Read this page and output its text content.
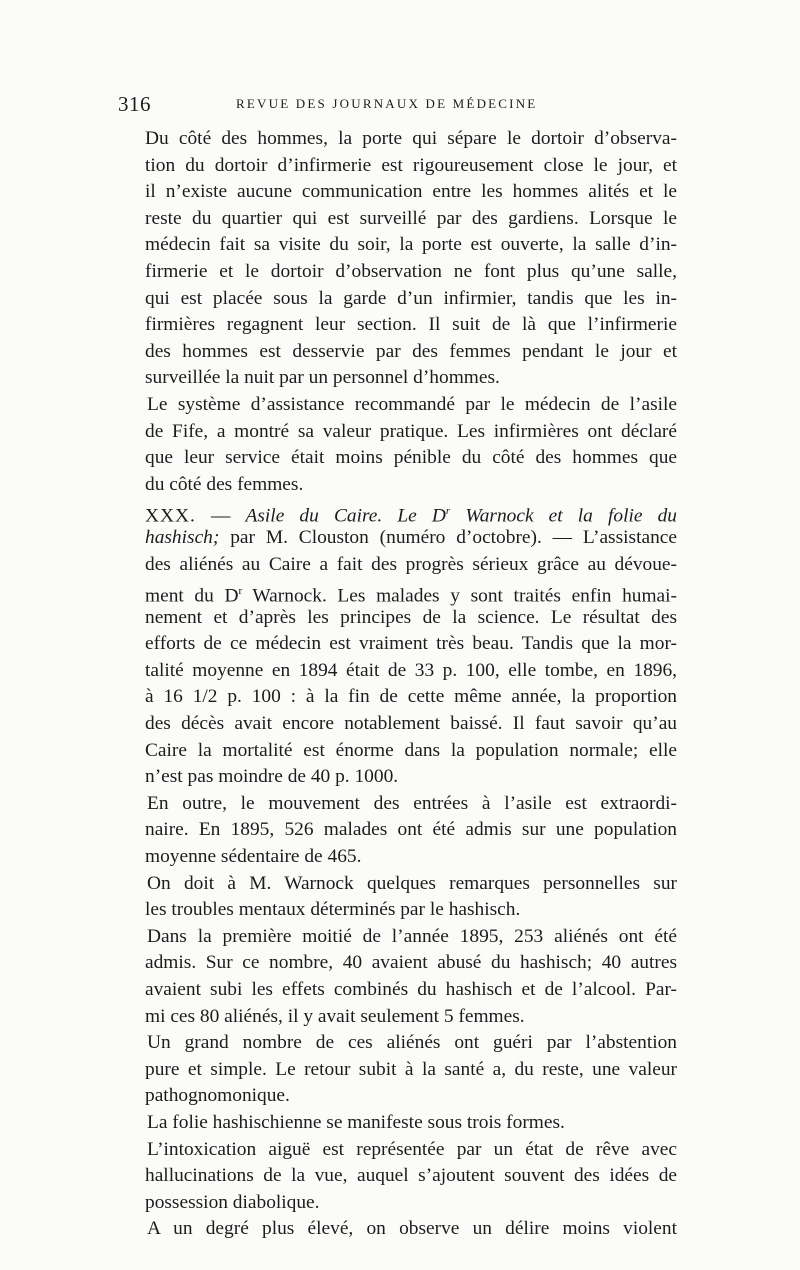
316	REVUE DES JOURNAUX DE MÉDECINE
Du côté des hommes, la porte qui sépare le dortoir d’observa-
tion du dortoir d’infirmerie est rigoureusement close le jour, et
il n’existe aucune communication entre les hommes alités et le
reste du quartier qui est surveillé par des gardiens. Lorsque le
médecin fait sa visite du soir, la porte est ouverte, la salle d’in-
firmerie et le dortoir d’observation ne font plus qu’une salle,
qui est placée sous la garde d’un infirmier, tandis que les in-
firmières regagnent leur section. Il suit de là que l’infirmerie
des hommes est desservie par des femmes pendant le jour et
surveillée la nuit par un personnel d’hommes.
Le système d’assistance recommandé par le médecin de l’asile
de Fife, a montré sa valeur pratique. Les infirmières ont déclaré
que leur service était moins pénible du côté des hommes que
du côté des femmes.
XXX. — Asile du Caire. Le $D^r$ Warnock et la folie du
hashisch; par M. Clouston (numéro d’octobre). — L’assistance
des aliénés au Caire a fait des progrès sérieux grâce au dévoue-
ment du $D^r$ Warnock. Les malades y sont traités enfin humai-
nement et d’après les principes de la science. Le résultat des
efforts de ce médecin est vraiment très beau. Tandis que la mor-
talité moyenne en 1894 était de 33 p. 100, elle tombe, en 1896,
à 16 1/2 p. 100 : à la fin de cette même année, la proportion
des décès avait encore notablement baissé. Il faut savoir qu’au
Caire la mortalité est énorme dans la population normale; elle
n’est pas moindre de 40 p. 1000.
En outre, le mouvement des entrées à l’asile est extraordi-
naire. En 1895, 526 malades ont été admis sur une population
moyenne sédentaire de 465.
On doit à M. Warnock quelques remarques personnelles sur
les troubles mentaux déterminés par le hashisch.
Dans la première moitié de l’année 1895, 253 aliénés ont été
admis. Sur ce nombre, 40 avaient abusé du hashisch; 40 autres
avaient subi les effets combinés du hashisch et de l’alcool. Par-
mi ces 80 aliénés, il y avait seulement 5 femmes.
Un grand nombre de ces aliénés ont guéri par l’abstention
pure et simple. Le retour subit à la santé a, du reste, une valeur
pathognomonique.
La folie hashischienne se manifeste sous trois formes.
L’intoxication aiguë est représentée par un état de rêve avec
hallucinations de la vue, auquel s’ajoutent souvent des idées de
possession diabolique.
A un degré plus élevé, on observe un délire moins violent
